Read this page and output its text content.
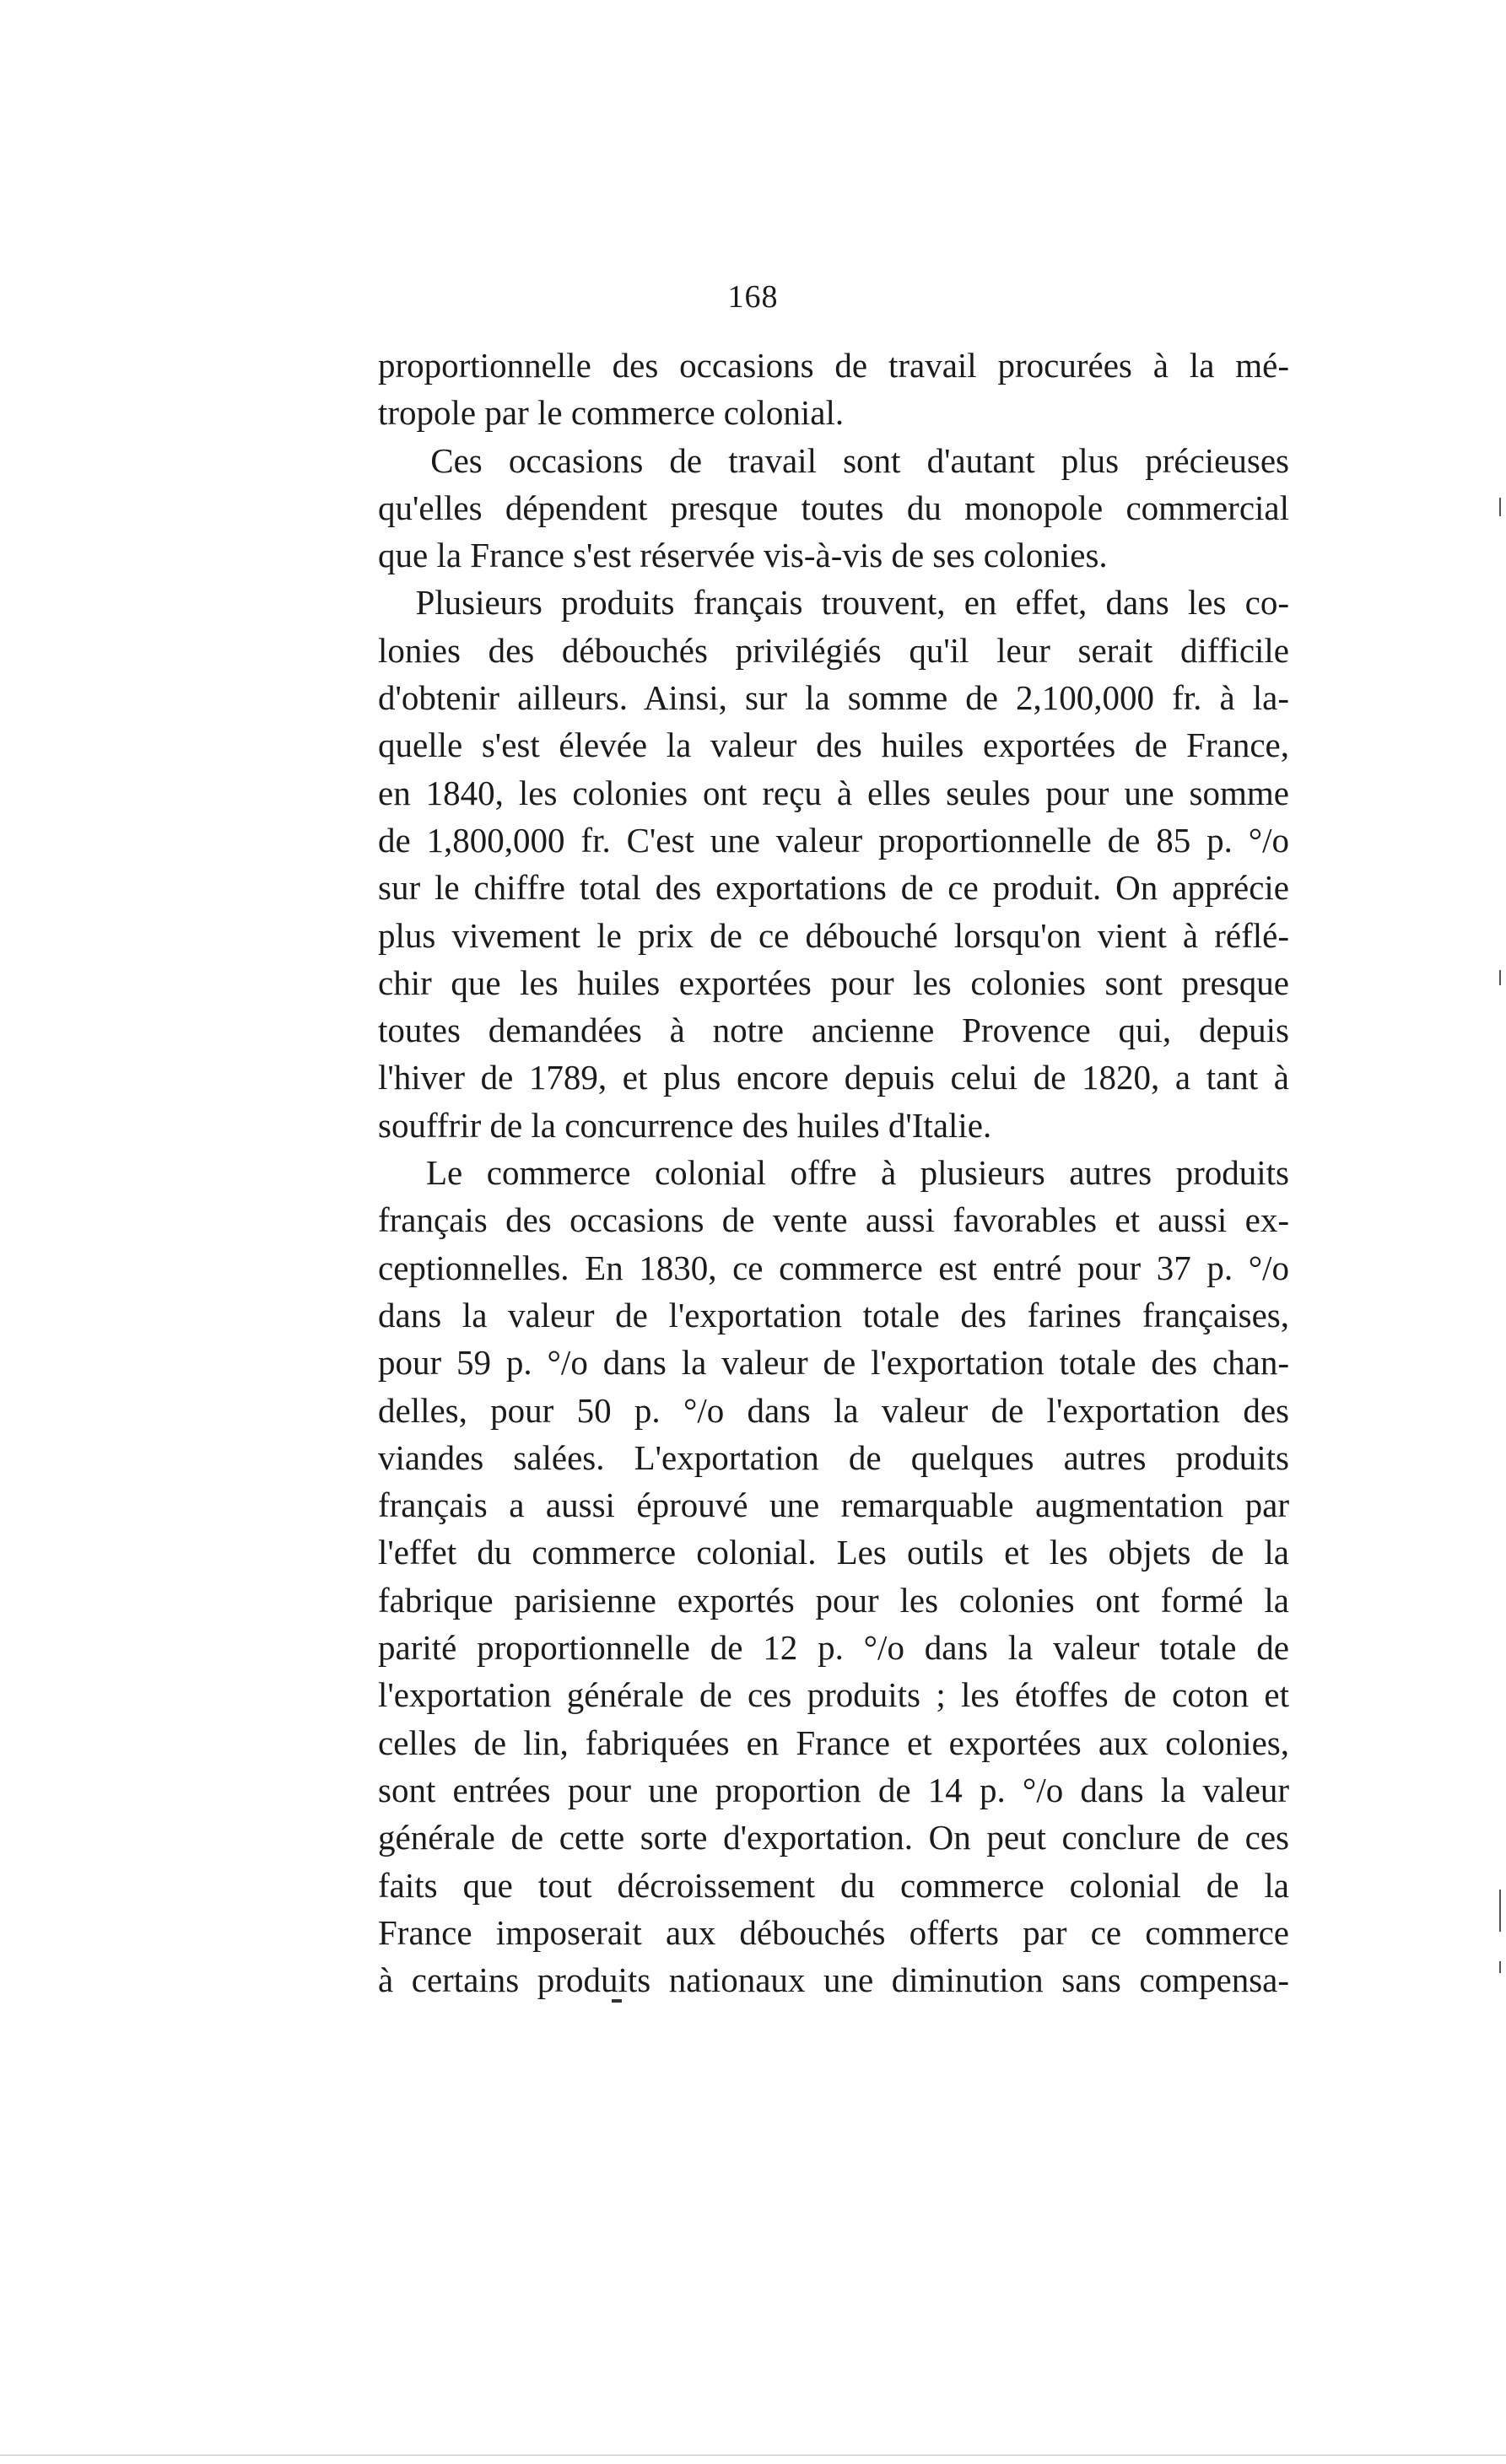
168
proportionnelle des occasions de travail procurées à la mé-
tropole par le commerce colonial.
Ces occasions de travail sont d'autant plus précieuses
qu'elles dépendent presque toutes du monopole commercial
que la France s'est réservée vis-à-vis de ses colonies.
Plusieurs produits français trouvent, en effet, dans les co-
lonies des débouchés privilégiés qu'il leur serait difficile
d'obtenir ailleurs. Ainsi, sur la somme de 2,100,000 fr. à la-
quelle s'est élevée la valeur des huiles exportées de France,
en 1840, les colonies ont reçu à elles seules pour une somme
de 1,800,000 fr. C'est une valeur proportionnelle de 85 p. °/o
sur le chiffre total des exportations de ce produit. On apprécie
plus vivement le prix de ce débouché lorsqu'on vient à réflé-
chir que les huiles exportées pour les colonies sont presque
toutes demandées à notre ancienne Provence qui, depuis
l'hiver de 1789, et plus encore depuis celui de 1820, a tant à
souffrir de la concurrence des huiles d'Italie.
Le commerce colonial offre à plusieurs autres produits
français des occasions de vente aussi favorables et aussi ex-
ceptionnelles. En 1830, ce commerce est entré pour 37 p. °/o
dans la valeur de l'exportation totale des farines françaises,
pour 59 p. °/o dans la valeur de l'exportation totale des chan-
delles, pour 50 p. °/o dans la valeur de l'exportation des
viandes salées. L'exportation de quelques autres produits
français a aussi éprouvé une remarquable augmentation par
l'effet du commerce colonial. Les outils et les objets de la
fabrique parisienne exportés pour les colonies ont formé la
parité proportionnelle de 12 p. °/o dans la valeur totale de
l'exportation générale de ces produits ; les étoffes de coton et
celles de lin, fabriquées en France et exportées aux colonies,
sont entrées pour une proportion de 14 p. °/o dans la valeur
générale de cette sorte d'exportation. On peut conclure de ces
faits que tout décroissement du commerce colonial de la
France imposerait aux débouchés offerts par ce commerce
à certains produits nationaux une diminution sans compensa-
